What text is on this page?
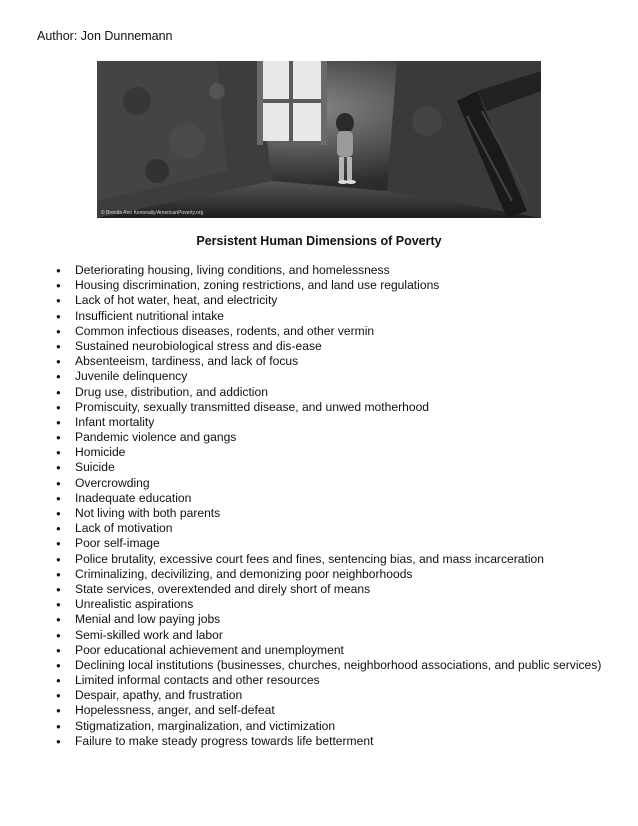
Author: Jon Dunnemann
© Brenda Ann Kenneally/AmericanPoverty.org
Persistent Human Dimensions of Poverty
● Deteriorating housing, living conditions, and homelessness
● Housing discrimination, zoning restrictions, and land use regulations
● Lack of hot water, heat, and electricity
● Insufficient nutritional intake
● Common infectious diseases, rodents, and other vermin
● Sustained neurobiological stress and dis-ease
● Absenteeism, tardiness, and lack of focus
● Juvenile delinquency
● Drug use, distribution, and addiction
● Promiscuity, sexually transmitted disease, and unwed motherhood
● Infant mortality
● Pandemic violence and gangs
● Homicide
● Suicide
● Overcrowding
● Inadequate education
● Not living with both parents
● Lack of motivation
● Poor self-image
● Police brutality, excessive court fees and fines, sentencing bias, and mass incarceration
● Criminalizing, decivilizing, and demonizing poor neighborhoods
● State services, overextended and direly short of means
● Unrealistic aspirations
● Menial and low paying jobs
● Semi-skilled work and labor
● Poor educational achievement and unemployment
● Declining local institutions (businesses, churches, neighborhood associations, and public services)
● Limited informal contacts and other resources
● Despair, apathy, and frustration
● Hopelessness, anger, and self-defeat
● Stigmatization, marginalization, and victimization
● Failure to make steady progress towards life betterment
